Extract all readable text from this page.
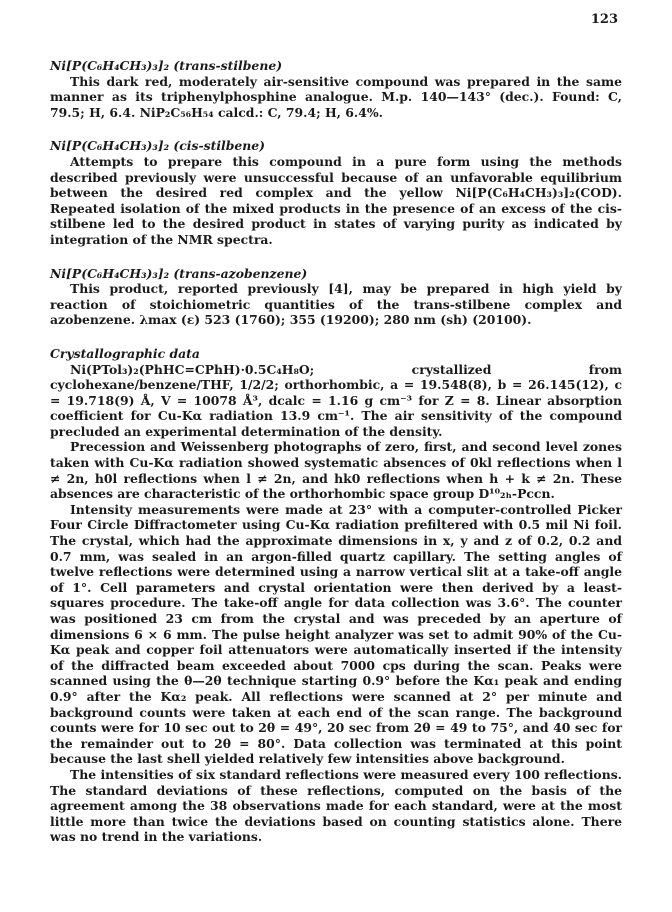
123

Ni[P(C₆H₄CH₃)₃]₂ (trans-stilbene)

This dark red, moderately air-sensitive compound was prepared in the same manner as its triphenylphosphine analogue. M.p. 140—143° (dec.). Found: C, 79.5; H, 6.4. NiP₂C₅₆H₅₄ calcd.: C, 79.4; H, 6.4%.

Ni[P(C₆H₄CH₃)₃]₂ (cis-stilbene)

Attempts to prepare this compound in a pure form using the methods described previously were unsuccessful because of an unfavorable equilibrium between the desired red complex and the yellow Ni[P(C₆H₄CH₃)₃]₂(COD). Repeated isolation of the mixed products in the presence of an excess of the cis-stilbene led to the desired product in states of varying purity as indicated by integration of the NMR spectra.

Ni[P(C₆H₄CH₃)₃]₂ (trans-azobenzene)

This product, reported previously [4], may be prepared in high yield by reaction of stoichiometric quantities of the trans-stilbene complex and azobenzene. λmax (ε) 523 (1760); 355 (19200); 280 nm (sh) (20100).

Crystallographic data

Ni(PTol₃)₂(PhHC=CPhH)·0.5C₄H₈O; crystallized from cyclohexane/benzene/THF, 1/2/2; orthorhombic, a = 19.548(8), b = 26.145(12), c = 19.718(9) Å, V = 10078 Å³, dcalc = 1.16 g cm⁻³ for Z = 8. Linear absorption coefficient for Cu-Kα radiation 13.9 cm⁻¹. The air sensitivity of the compound precluded an experimental determination of the density.

Precession and Weissenberg photographs of zero, first, and second level zones taken with Cu-Kα radiation showed systematic absences of 0kl reflections when l ≠ 2n, h0l reflections when l ≠ 2n, and hk0 reflections when h + k ≠ 2n. These absences are characteristic of the orthorhombic space group D¹⁰₂ₕ-Pccn.

Intensity measurements were made at 23° with a computer-controlled Picker Four Circle Diffractometer using Cu-Kα radiation prefiltered with 0.5 mil Ni foil. The crystal, which had the approximate dimensions in x, y and z of 0.2, 0.2 and 0.7 mm, was sealed in an argon-filled quartz capillary. The setting angles of twelve reflections were determined using a narrow vertical slit at a take-off angle of 1°. Cell parameters and crystal orientation were then derived by a least-squares procedure. The take-off angle for data collection was 3.6°. The counter was positioned 23 cm from the crystal and was preceded by an aperture of dimensions 6 × 6 mm. The pulse height analyzer was set to admit 90% of the Cu-Kα peak and copper foil attenuators were automatically inserted if the intensity of the diffracted beam exceeded about 7000 cps during the scan. Peaks were scanned using the θ—2θ technique starting 0.9° before the Kα₁ peak and ending 0.9° after the Kα₂ peak. All reflections were scanned at 2° per minute and background counts were taken at each end of the scan range. The background counts were for 10 sec out to 2θ = 49°, 20 sec from 2θ = 49 to 75°, and 40 sec for the remainder out to 2θ = 80°. Data collection was terminated at this point because the last shell yielded relatively few intensities above background.

The intensities of six standard reflections were measured every 100 reflections. The standard deviations of these reflections, computed on the basis of the agreement among the 38 observations made for each standard, were at the most little more than twice the deviations based on counting statistics alone. There was no trend in the variations.
